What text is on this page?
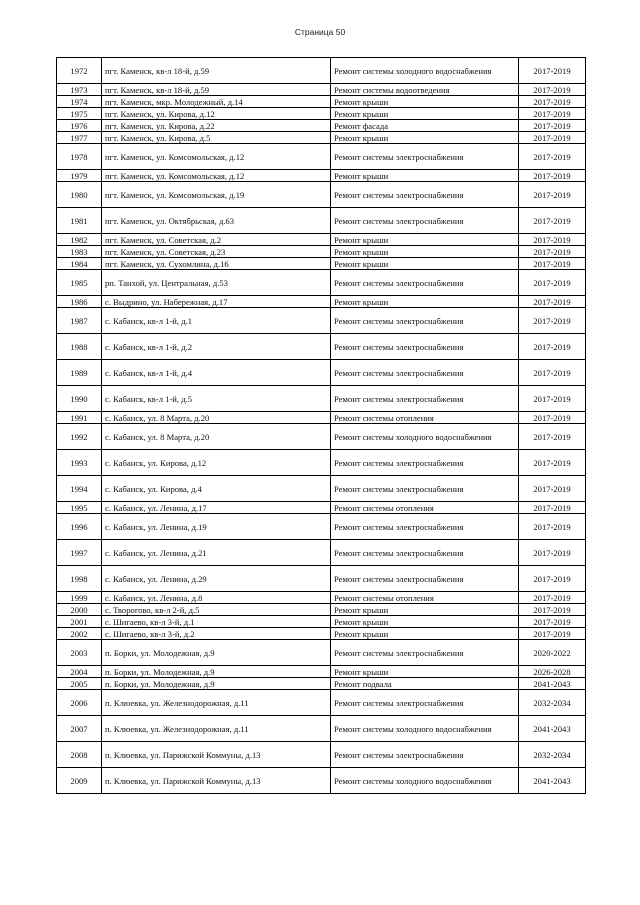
Страница 50
1972	пгт. Каменск, кв-л 18-й, д.59	Ремонт системы холодного водоснабжения	2017-2019
1973	пгт. Каменск, кв-л 18-й, д.59	Ремонт системы водоотведения	2017-2019
1974	пгт. Каменск, мкр. Молодежный, д.14	Ремонт крыши	2017-2019
1975	пгт. Каменск, ул. Кирова, д.12	Ремонт крыши	2017-2019
1976	пгт. Каменск, ул. Кирова, д.22	Ремонт фасада	2017-2019
1977	пгт. Каменск, ул. Кирова, д.5	Ремонт крыши	2017-2019
1978	пгт. Каменск, ул. Комсомольская, д.12	Ремонт системы электроснабжения	2017-2019
1979	пгт. Каменск, ул. Комсомольская, д.12	Ремонт крыши	2017-2019
1980	пгт. Каменск, ул. Комсомольская, д.19	Ремонт системы электроснабжения	2017-2019
1981	пгт. Каменск, ул. Октябрьская, д.63	Ремонт системы электроснабжения	2017-2019
1982	пгт. Каменск, ул. Советская, д.2	Ремонт крыши	2017-2019
1983	пгт. Каменск, ул. Советская, д.23	Ремонт крыши	2017-2019
1984	пгт. Каменск, ул. Сухомлина, д.16	Ремонт крыши	2017-2019
1985	рп. Танхой, ул. Центральная, д.53	Ремонт системы электроснабжения	2017-2019
1986	с. Выдрино, ул. Набережная, д.17	Ремонт крыши	2017-2019
1987	с. Кабанск, кв-л 1-й, д.1	Ремонт системы электроснабжения	2017-2019
1988	с. Кабанск, кв-л 1-й, д.2	Ремонт системы электроснабжения	2017-2019
1989	с. Кабанск, кв-л 1-й, д.4	Ремонт системы электроснабжения	2017-2019
1990	с. Кабанск, кв-л 1-й, д.5	Ремонт системы электроснабжения	2017-2019
1991	с. Кабанск, ул. 8 Марта, д.20	Ремонт системы отопления	2017-2019
1992	с. Кабанск, ул. 8 Марта, д.20	Ремонт системы холодного водоснабжения	2017-2019
1993	с. Кабанск, ул. Кирова, д.12	Ремонт системы электроснабжения	2017-2019
1994	с. Кабанск, ул. Кирова, д.4	Ремонт системы электроснабжения	2017-2019
1995	с. Кабанск, ул. Ленина, д.17	Ремонт системы отопления	2017-2019
1996	с. Кабанск, ул. Ленина, д.19	Ремонт системы электроснабжения	2017-2019
1997	с. Кабанск, ул. Ленина, д.21	Ремонт системы электроснабжения	2017-2019
1998	с. Кабанск, ул. Ленина, д.29	Ремонт системы электроснабжения	2017-2019
1999	с. Кабанск, ул. Ленина, д.8	Ремонт системы отопления	2017-2019
2000	с. Творогово, кв-л 2-й, д.5	Ремонт крыши	2017-2019
2001	с. Шигаево, кв-л 3-й, д.1	Ремонт крыши	2017-2019
2002	с. Шигаево, кв-л 3-й, д.2	Ремонт крыши	2017-2019
2003	п. Борки, ул. Молодежная, д.9	Ремонт системы электроснабжения	2020-2022
2004	п. Борки, ул. Молодежная, д.9	Ремонт крыши	2026-2028
2005	п. Борки, ул. Молодежная, д.9	Ремонт подвала	2041-2043
2006	п. Клюевка, ул. Железнодорожная, д.11	Ремонт системы электроснабжения	2032-2034
2007	п. Клюевка, ул. Железнодорожная, д.11	Ремонт системы холодного водоснабжения	2041-2043
2008	п. Клюевка, ул. Парижской Коммуны, д.13	Ремонт системы электроснабжения	2032-2034
2009	п. Клюевка, ул. Парижской Коммуны, д.13	Ремонт системы холодного водоснабжения	2041-2043
